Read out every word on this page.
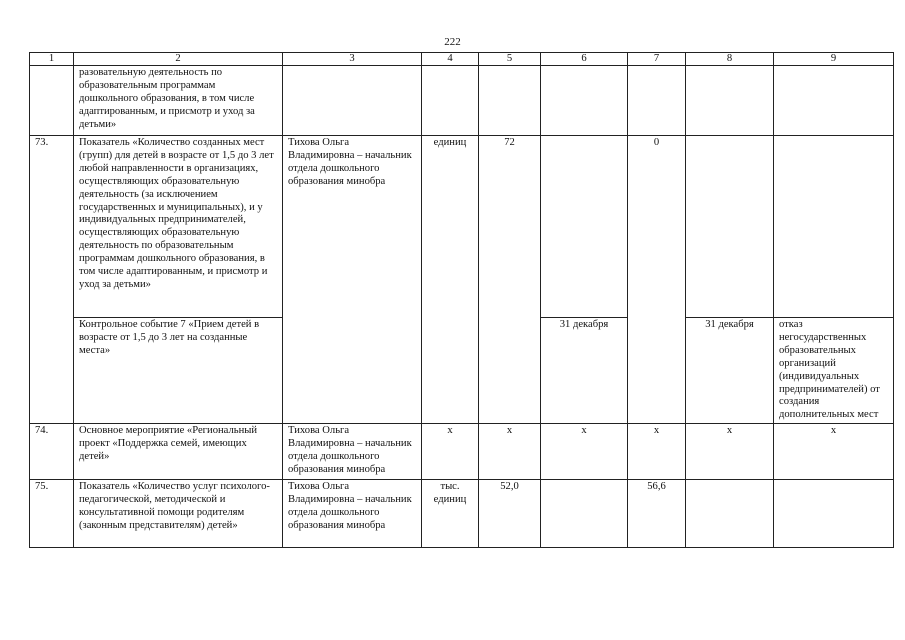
222
1	2	3	4	5	6	7	8	9
	разовательную деятельность по образовательным программам дошкольного образования, в том числе адаптированным, и присмотр и уход за детьми»							
73.	Показатель «Количество созданных мест (групп) для детей в возрасте от 1,5 до 3 лет любой направленности в организациях, осуществляющих образовательную деятельность (за исключением государственных и муниципальных), и у индивидуальных предпринимателей, осуществляющих образовательную деятельность по образовательным программам дошкольного образования, в том числе адаптированным, и присмотр и уход за детьми»	Тихова Ольга Владимировна – начальник отдела дошкольного образования минобра	единиц	72		0		
	Контрольное событие 7 «Прием детей в возрасте от 1,5 до 3 лет на созданные места»				31 декабря		31 декабря	отказ негосударственных образовательных организаций (индивидуальных предпринимателей) от создания дополнительных мест
74.	Основное мероприятие «Региональный проект «Поддержка семей, имеющих детей»	Тихова Ольга Владимировна – начальник отдела дошкольного образования минобра	x	x	x	x	x	x
75.	Показатель «Количество услуг психолого-педагогической, методической и консультативной помощи родителям (законным представителям) детей»	Тихова Ольга Владимировна – начальник отдела дошкольного образования минобра	тыс. единиц	52,0		56,6		
